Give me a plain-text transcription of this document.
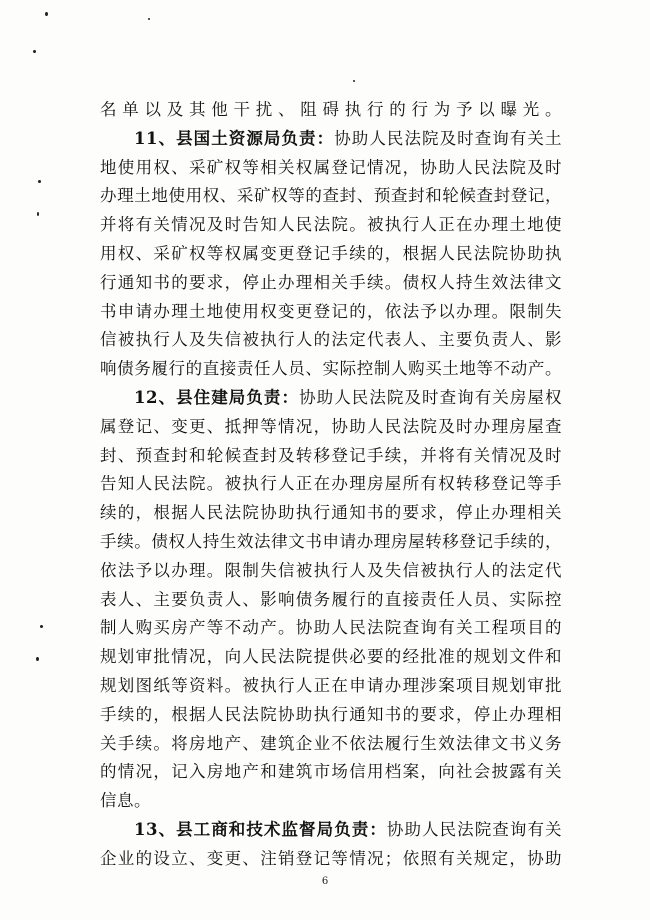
名单以及其他干扰、阻碍执行的行为予以曝光。
11、县国土资源局负责：协助人民法院及时查询有关土
地使用权、采矿权等相关权属登记情况，协助人民法院及时
办理土地使用权、采矿权等的查封、预查封和轮候查封登记，
并将有关情况及时告知人民法院。被执行人正在办理土地使
用权、采矿权等权属变更登记手续的，根据人民法院协助执
行通知书的要求，停止办理相关手续。债权人持生效法律文
书申请办理土地使用权变更登记的，依法予以办理。限制失
信被执行人及失信被执行人的法定代表人、主要负责人、影
响债务履行的直接责任人员、实际控制人购买土地等不动产。
12、县住建局负责：协助人民法院及时查询有关房屋权
属登记、变更、抵押等情况，协助人民法院及时办理房屋查
封、预查封和轮候查封及转移登记手续，并将有关情况及时
告知人民法院。被执行人正在办理房屋所有权转移登记等手
续的，根据人民法院协助执行通知书的要求，停止办理相关
手续。债权人持生效法律文书申请办理房屋转移登记手续的，
依法予以办理。限制失信被执行人及失信被执行人的法定代
表人、主要负责人、影响债务履行的直接责任人员、实际控
制人购买房产等不动产。协助人民法院查询有关工程项目的
规划审批情况，向人民法院提供必要的经批准的规划文件和
规划图纸等资料。被执行人正在申请办理涉案项目规划审批
手续的，根据人民法院协助执行通知书的要求，停止办理相
关手续。将房地产、建筑企业不依法履行生效法律文书义务
的情况，记入房地产和建筑市场信用档案，向社会披露有关
信息。
13、县工商和技术监督局负责：协助人民法院查询有关
企业的设立、变更、注销登记等情况；依照有关规定，协助
6
